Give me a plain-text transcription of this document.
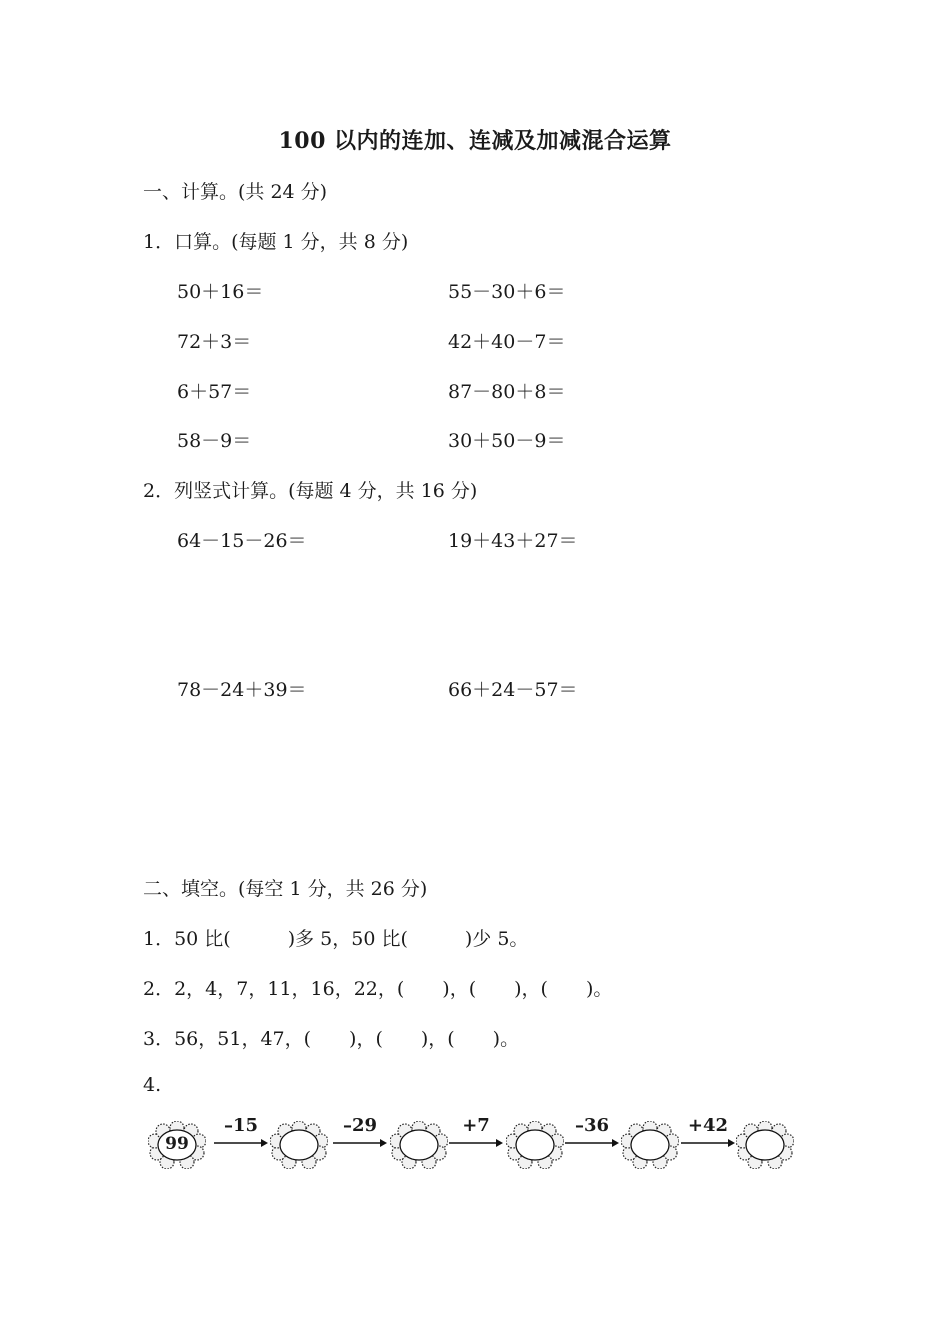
100 以内的连加、连减及加减混合运算
一、计算。(共 24 分)
1．口算。(每题 1 分，共 8 分)
50＋16＝	55－30＋6＝
72＋3＝	42＋40－7＝
6＋57＝	87－80＋8＝
58－9＝	30＋50－9＝
2．列竖式计算。(每题 4 分，共 16 分)
64－15－26＝	19＋43＋27＝
78－24＋39＝	66＋24－57＝
二、填空。(每空 1 分，共 26 分)
1．50 比(　　　)多 5，50 比(　　　)少 5。
2．2，4，7，11，16，22，(　　)，(　　)，(　　)。
3．56，51，47，(　　)，(　　)，(　　)。
4.
99
–15	–29	+7	–36	+42
